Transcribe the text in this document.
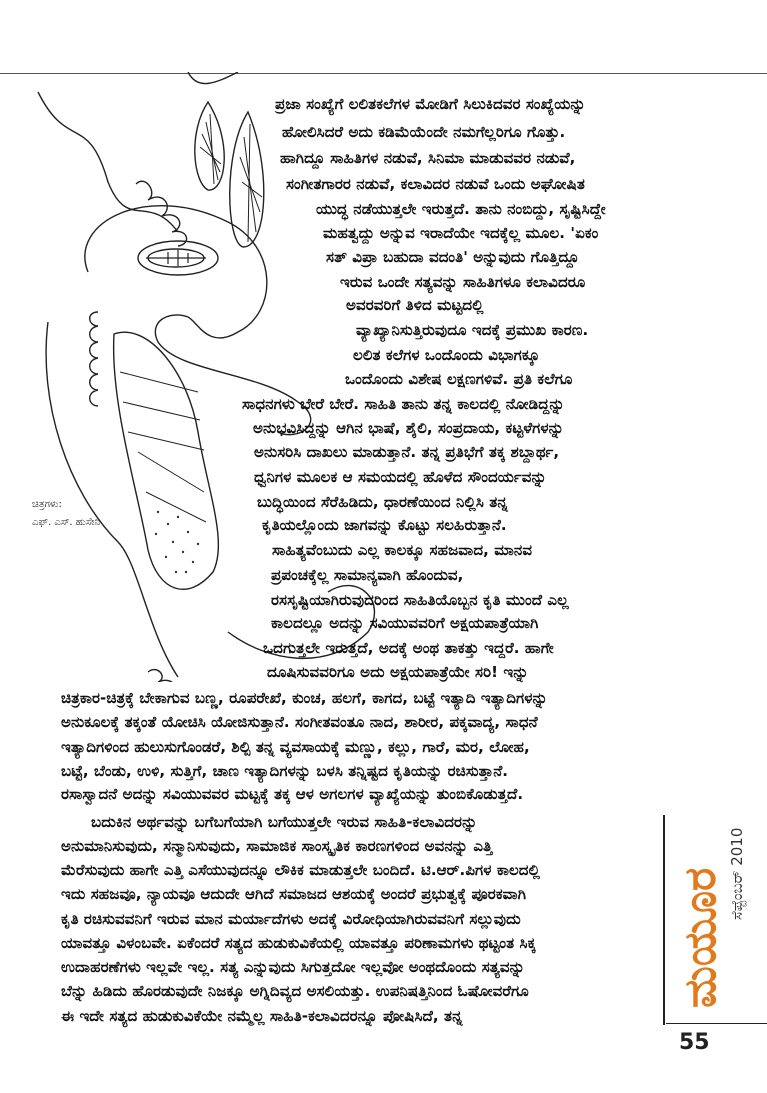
ಚಿತ್ರಗಳು:
ಎಫ್. ಎಸ್. ಹುಸೇನಿ
ಪ್ರಜಾ ಸಂಖ್ಯೆಗೆ ಲಲಿತಕಲೆಗಳ ಮೋಡಿಗೆ ಸಿಲುಕಿದವರ ಸಂಖ್ಯೆಯನ್ನು
ಹೋಲಿಸಿದರೆ ಅದು ಕಡಿಮೆಯೆಂದೇ ನಮಗೆಲ್ಲರಿಗೂ ಗೊತ್ತು.
ಹಾಗಿದ್ದೂ ಸಾಹಿತಿಗಳ ನಡುವೆ, ಸಿನಿಮಾ ಮಾಡುವವರ ನಡುವೆ,
ಸಂಗೀತಗಾರರ ನಡುವೆ, ಕಲಾವಿದರ ನಡುವೆ ಒಂದು ಅಘೋಷಿತ
ಯುದ್ಧ ನಡೆಯುತ್ತಲೇ ಇರುತ್ತದೆ. ತಾನು ನಂಬಿದ್ದು, ಸೃಷ್ಟಿಸಿದ್ದೇ
ಮಹತ್ವದ್ದು ಅನ್ನುವ ಇರಾದೆಯೇ ಇದಕ್ಕೆಲ್ಲ ಮೂಲ. 'ಏಕಂ
ಸತ್ ವಿಪ್ರಾ ಬಹುದಾ ವದಂತಿ' ಅನ್ನುವುದು ಗೊತ್ತಿದ್ದೂ
ಇರುವ ಒಂದೇ ಸತ್ಯವನ್ನು ಸಾಹಿತಿಗಳೂ ಕಲಾವಿದರೂ
ಅವರವರಿಗೆ ತಿಳಿದ ಮಟ್ಟದಲ್ಲಿ
ವ್ಯಾಖ್ಯಾನಿಸುತ್ತಿರುವುದೂ ಇದಕ್ಕೆ ಪ್ರಮುಖ ಕಾರಣ.
ಲಲಿತ ಕಲೆಗಳ ಒಂದೊಂದು ವಿಭಾಗಕ್ಕೂ
ಒಂದೊಂದು ವಿಶೇಷ ಲಕ್ಷಣಗಳಿವೆ. ಪ್ರತಿ ಕಲೆಗೂ
ಸಾಧನಗಳು ಬೇರೆ ಬೇರೆ. ಸಾಹಿತಿ ತಾನು ತನ್ನ ಕಾಲದಲ್ಲಿ ನೋಡಿದ್ದನ್ನು
ಅನುಭವಿಸಿದ್ದನ್ನು ಆಗಿನ ಭಾಷೆ, ಶೈಲಿ, ಸಂಪ್ರದಾಯ, ಕಟ್ಟಳೆಗಳನ್ನು
ಅನುಸರಿಸಿ ದಾಖಲು ಮಾಡುತ್ತಾನೆ. ತನ್ನ ಪ್ರತಿಭೆಗೆ ತಕ್ಕ ಶಬ್ದಾರ್ಥ,
ಧ್ವನಿಗಳ ಮೂಲಕ ಆ ಸಮಯದಲ್ಲಿ ಹೊಳೆದ ಸೌಂದರ್ಯವನ್ನು
ಬುದ್ಧಿಯಿಂದ ಸೆರೆಹಿಡಿದು, ಧಾರಣೆಯಿಂದ ನಿಲ್ಲಿಸಿ ತನ್ನ
ಕೃತಿಯಲ್ಲೊಂದು ಜಾಗವನ್ನು ಕೊಟ್ಟು ಸಲಹಿರುತ್ತಾನೆ.
ಸಾಹಿತ್ಯವೆಂಬುದು ಎಲ್ಲ ಕಾಲಕ್ಕೂ ಸಹಜವಾದ, ಮಾನವ
ಪ್ರಪಂಚಕ್ಕೆಲ್ಲ ಸಾಮಾನ್ಯವಾಗಿ ಹೊಂದುವ,
ರಸಸೃಷ್ಟಿಯಾಗಿರುವುದರಿಂದ ಸಾಹಿತಿಯೊಬ್ಬನ ಕೃತಿ ಮುಂದೆ ಎಲ್ಲ
ಕಾಲದಲ್ಲೂ ಅದನ್ನು ಸವಿಯುವವರಿಗೆ ಅಕ್ಷಯಪಾತ್ರೆಯಾಗಿ
ಒದಗುತ್ತಲೇ ಇರುತ್ತದೆ, ಅದಕ್ಕೆ ಅಂಥ ತಾಕತ್ತು ಇದ್ದರೆ. ಹಾಗೇ
ದೂಷಿಸುವವರಿಗೂ ಅದು ಅಕ್ಷಯಪಾತ್ರೆಯೇ ಸರಿ! ಇನ್ನು
ಚಿತ್ರಕಾರ-ಚಿತ್ರಕ್ಕೆ ಬೇಕಾಗುವ ಬಣ್ಣ, ರೂಪರೇಖೆ, ಕುಂಚ, ಹಲಗೆ, ಕಾಗದ, ಬಟ್ಟೆ ಇತ್ಯಾದಿ ಇತ್ಯಾದಿಗಳನ್ನು
ಅನುಕೂಲಕ್ಕೆ ತಕ್ಕಂತೆ ಯೋಚಿಸಿ ಯೋಜಿಸುತ್ತಾನೆ. ಸಂಗೀತವಂತೂ ನಾದ, ಶಾರೀರ, ಪಕ್ಕವಾದ್ಯ, ಸಾಧನೆ
ಇತ್ಯಾದಿಗಳಿಂದ ಹುಲುಸುಗೊಂಡರೆ, ಶಿಲ್ಪಿ ತನ್ನ ವ್ಯವಸಾಯಕ್ಕೆ ಮಣ್ಣು, ಕಲ್ಲು, ಗಾರೆ, ಮರ, ಲೋಹ,
ಬಟ್ಟೆ, ಬೆಂಡು, ಉಳಿ, ಸುತ್ತಿಗೆ, ಚಾಣ ಇತ್ಯಾದಿಗಳನ್ನು ಬಳಸಿ ತನ್ನಿಷ್ಟದ ಕೃತಿಯನ್ನು ರಚಿಸುತ್ತಾನೆ.
ರಸಾಸ್ವಾದನೆ ಅದನ್ನು ಸವಿಯುವವರ ಮಟ್ಟಕ್ಕೆ ತಕ್ಕ ಆಳ ಅಗಲಗಳ ವ್ಯಾಖ್ಯೆಯನ್ನು ತುಂಬಿಕೊಡುತ್ತದೆ.
ಬದುಕಿನ ಅರ್ಥವನ್ನು ಬಗೆಬಗೆಯಾಗಿ ಬಗೆಯುತ್ತಲೇ ಇರುವ ಸಾಹಿತಿ-ಕಲಾವಿದರನ್ನು
ಅನುಮಾನಿಸುವುದು, ಸನ್ಮಾನಿಸುವುದು, ಸಾಮಾಜಿಕ ಸಾಂಸ್ಕೃತಿಕ ಕಾರಣಗಳಿಂದ ಅವನನ್ನು ಎತ್ತಿ
ಮೆರೆಸುವುದು ಹಾಗೇ ಎತ್ತಿ ಎಸೆಯುವುದನ್ನೂ ಲೌಕಿಕ ಮಾಡುತ್ತಲೇ ಬಂದಿದೆ. ಟಿ.ಆರ್.ಪಿಗಳ ಕಾಲದಲ್ಲಿ
ಇದು ಸಹಜವೂ, ನ್ಯಾಯವೂ ಆದುದೇ ಆಗಿದೆ ಸಮಾಜದ ಆಶಯಕ್ಕೆ ಅಂದರೆ ಪ್ರಭುತ್ವಕ್ಕೆ ಪೂರಕವಾಗಿ
ಕೃತಿ ರಚಿಸುವವನಿಗೆ ಇರುವ ಮಾನ ಮರ್ಯಾದೆಗಳು ಅದಕ್ಕೆ ವಿರೋಧಿಯಾಗಿರುವವನಿಗೆ ಸಲ್ಲುವುದು
ಯಾವತ್ತೂ ವಿಳಂಬವೇ. ಏಕೆಂದರೆ ಸತ್ಯದ ಹುಡುಕುವಿಕೆಯಲ್ಲಿ ಯಾವತ್ತೂ ಪರಿಣಾಮಗಳು ಥಟ್ಟಂತ ಸಿಕ್ಕ
ಉದಾಹರಣೆಗಳು ಇಲ್ಲವೇ ಇಲ್ಲ. ಸತ್ಯ ಎನ್ನುವುದು ಸಿಗುತ್ತದೋ ಇಲ್ಲವೋ ಅಂಥದೊಂದು ಸತ್ಯವನ್ನು
ಬೆನ್ನು ಹಿಡಿದು ಹೊರಡುವುದೇ ನಿಜಕ್ಕೂ ಅಗ್ನಿದಿವ್ಯದ ಅಸಲಿಯತ್ತು. ಉಪನಿಷತ್ತಿನಿಂದ ಓಷೋವರೆಗೂ
ಈ ಇದೇ ಸತ್ಯದ ಹುಡುಕುವಿಕೆಯೇ ನಮ್ಮೆಲ್ಲ ಸಾಹಿತಿ-ಕಲಾವಿದರನ್ನೂ ಪೋಷಿಸಿದೆ, ತನ್ನ
ಮಯೂರ ಸೆಪ್ಟೆಂಬರ್ 2010
55
